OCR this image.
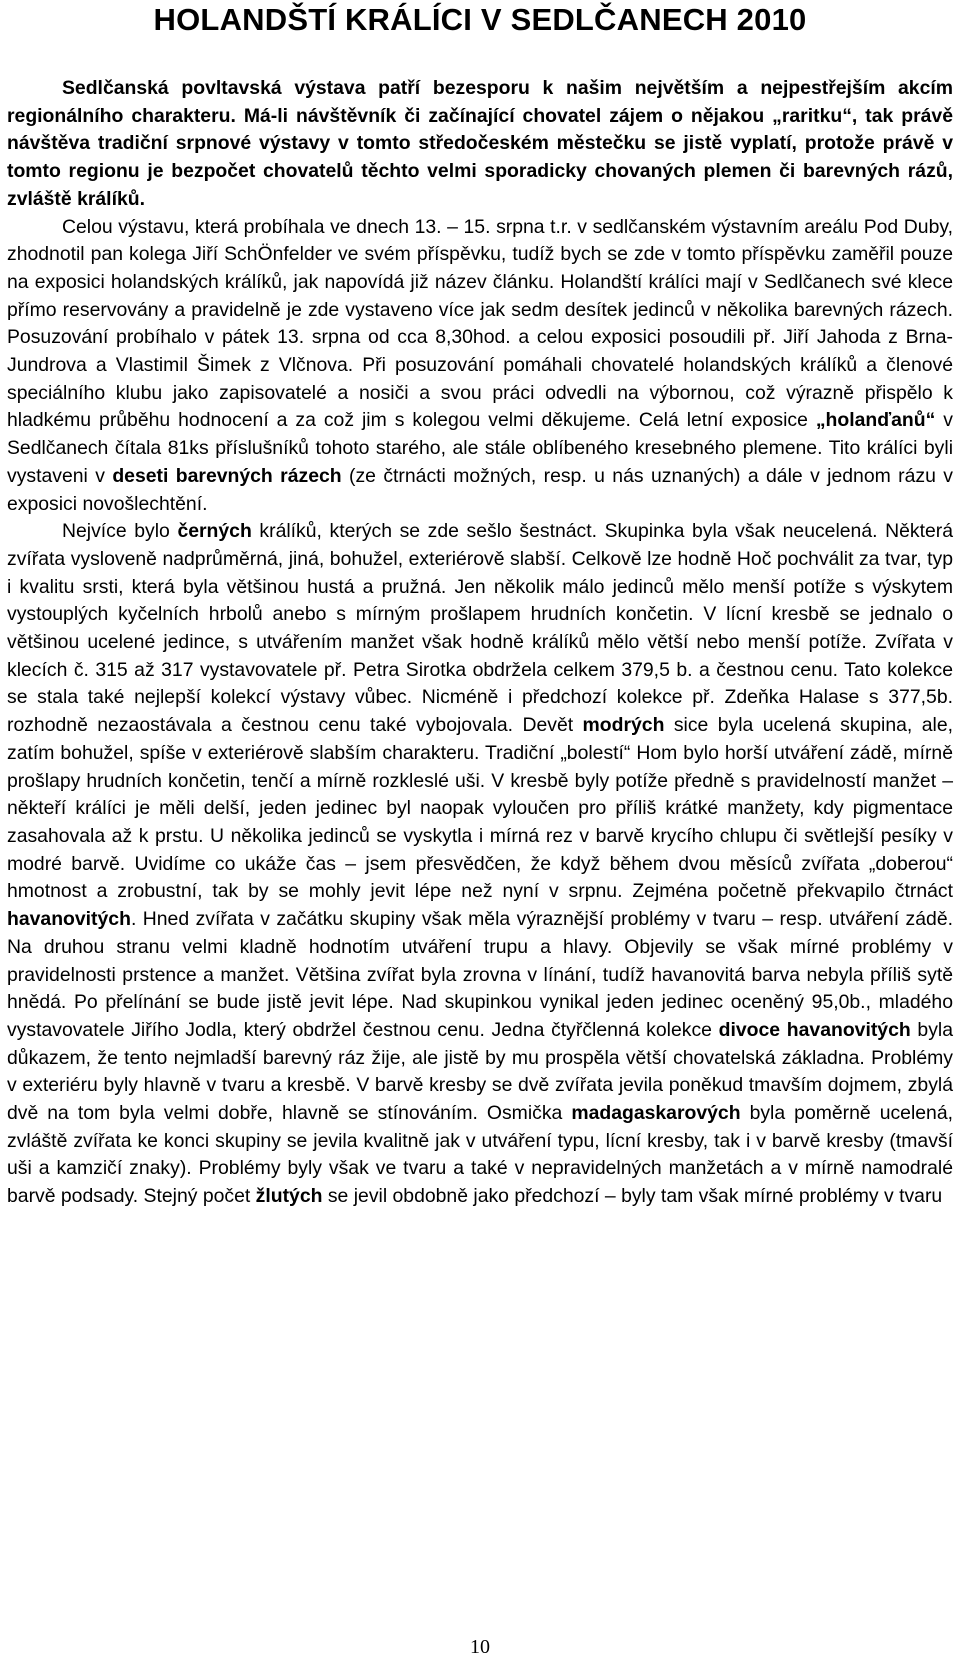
HOLANDŠTÍ KRÁLÍCI V SEDLČANECH 2010

Sedlčanská povltavská výstava patří bezesporu k našim největším a nejpestřejším akcím regionálního charakteru. Má-li návštěvník či začínající chovatel zájem o nějakou „raritku“, tak právě návštěva tradiční srpnové výstavy v tomto středočeském městečku se jistě vyplatí, protože právě v tomto regionu je bezpočet chovatelů těchto velmi sporadicky chovaných plemen či barevných rázů, zvláště králíků.

Celou výstavu, která probíhala ve dnech 13. – 15. srpna t.r. v sedlčanském výstavním areálu Pod Duby, zhodnotil pan kolega Jiří SchÖnfelder ve svém příspěvku, tudíž bych se zde v tomto příspěvku zaměřil pouze na exposici holandských králíků, jak napovídá již název článku. Holandští králíci mají v Sedlčanech své klece přímo reservovány a pravidelně je zde vystaveno více jak sedm desítek jedinců v několika barevných rázech. Posuzování probíhalo v pátek 13. srpna od cca 8,30hod. a celou exposici posoudili př. Jiří Jahoda z Brna-Jundrova a Vlastimil Šimek z Vlčnova. Při posuzování pomáhali chovatelé holandských králíků a členové speciálního klubu jako zapisovatelé a nosiči a svou práci odvedli na výbornou, což výrazně přispělo k hladkému průběhu hodnocení a za což jim s kolegou velmi děkujeme. Celá letní exposice „holanďanů“ v Sedlčanech čítala 81ks příslušníků tohoto starého, ale stále oblíbeného kresebného plemene. Tito králíci byli vystaveni v deseti barevných rázech (ze čtrnácti možných, resp. u nás uznaných) a dále v jednom rázu v exposici novošlechtění.

Nejvíce bylo černých králíků, kterých se zde sešlo šestnáct. Skupinka byla však neucelená. Některá zvířata vysloveně nadprůměrná, jiná, bohužel, exteriérově slabší. Celkově lze hodně Hoč pochválit za tvar, typ i kvalitu srsti, která byla většinou hustá a pružná. Jen několik málo jedinců mělo menší potíže s výskytem vystouplých kyčelních hrbolů anebo s mírným prošlapem hrudních končetin. V lícní kresbě se jednalo o většinou ucelené jedince, s utvářením manžet však hodně králíků mělo větší nebo menší potíže. Zvířata v klecích č. 315 až 317 vystavovatele př. Petra Sirotka obdržela celkem 379,5 b. a čestnou cenu. Tato kolekce se stala také nejlepší kolekcí výstavy vůbec. Nicméně i předchozí kolekce př. Zdeňka Halase s 377,5b. rozhodně nezaostávala a čestnou cenu také vybojovala. Devět modrých sice byla ucelená skupina, ale, zatím bohužel, spíše v exteriérově slabším charakteru. Tradiční „bolestí“ Hom bylo horší utváření zádě, mírně prošlapy hrudních končetin, tenčí a mírně rozkleslé uši. V kresbě byly potíže předně s pravidelností manžet – někteří králíci je měli delší, jeden jedinec byl naopak vyloučen pro příliš krátké manžety, kdy pigmentace zasahovala až k prstu. U několika jedinců se vyskytla i mírná rez v barvě krycího chlupu či světlejší pesíky v modré barvě. Uvidíme co ukáže čas – jsem přesvědčen, že když během dvou měsíců zvířata „doberou“ hmotnost a zrobustní, tak by se mohly jevit lépe než nyní v srpnu. Zejména početně překvapilo čtrnáct havanovitých. Hned zvířata v začátku skupiny však měla výraznější problémy v tvaru – resp. utváření zádě. Na druhou stranu velmi kladně hodnotím utváření trupu a hlavy. Objevily se však mírné problémy v pravidelnosti prstence a manžet. Většina zvířat byla zrovna v línání, tudíž havanovitá barva nebyla příliš sytě hnědá. Po přelínání se bude jistě jevit lépe. Nad skupinkou vynikal jeden jedinec oceněný 95,0b., mladého vystavovatele Jiřího Jodla, který obdržel čestnou cenu. Jedna čtyřčlenná kolekce divoce havanovitých byla důkazem, že tento nejmladší barevný ráz žije, ale jistě by mu prospěla větší chovatelská základna. Problémy v exteriéru byly hlavně v tvaru a kresbě. V barvě kresby se dvě zvířata jevila poněkud tmavším dojmem, zbylá dvě na tom byla velmi dobře, hlavně se stínováním. Osmička madagaskarových byla poměrně ucelená, zvláště zvířata ke konci skupiny se jevila kvalitně jak v utváření typu, lícní kresby, tak i v barvě kresby (tmavší uši a kamzičí znaky). Problémy byly však ve tvaru a také v nepravidelných manžetách a v mírně namodralé barvě podsady. Stejný počet žlutých se jevil obdobně jako předchozí – byly tam však mírné problémy v tvaru

10
